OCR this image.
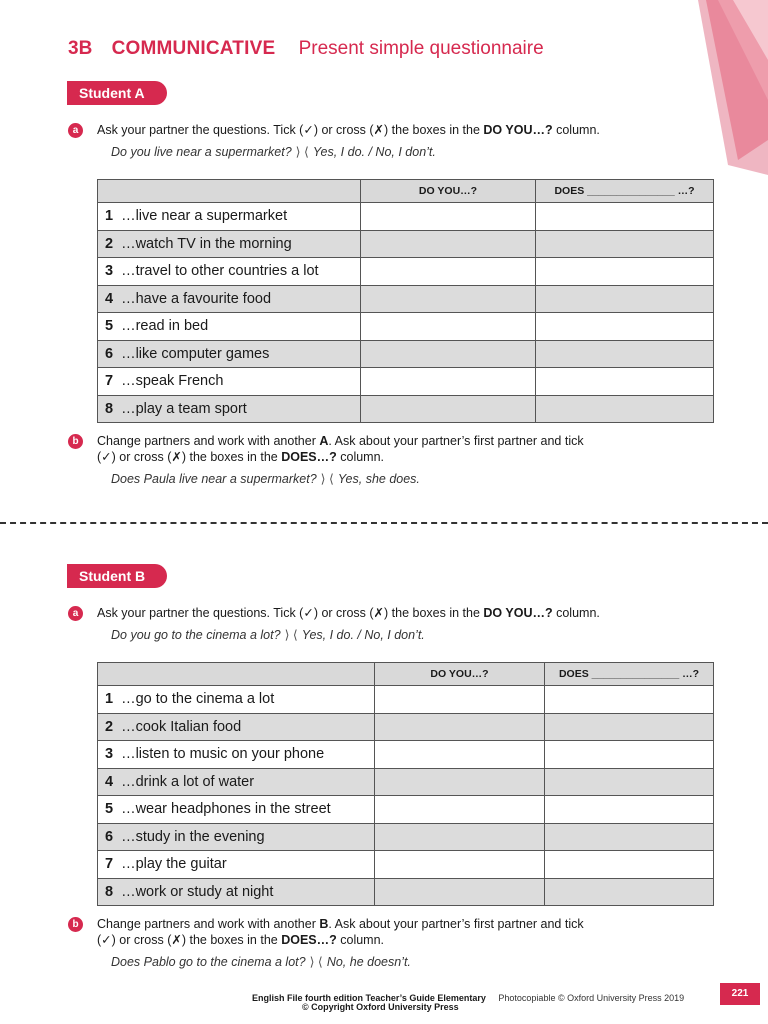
3B COMMUNICATIVE Present simple questionnaire
Student A
a	Ask your partner the questions. Tick (✓) or cross (✗) the boxes in the DO YOU…? column.
Do you live near a supermarket? ⟩ ⟨ Yes, I do. / No, I don’t.
	DO YOU…?	DOES _______________ …?
1 …live near a supermarket		
2 …watch TV in the morning		
3 …travel to other countries a lot		
4 …have a favourite food		
5 …read in bed		
6 …like computer games		
7 …speak French		
8 …play a team sport		
b	Change partners and work with another A. Ask about your partner’s first partner and tick (✓) or cross (✗) the boxes in the DOES…? column.
Does Paula live near a supermarket? ⟩ ⟨ Yes, she does.
Student B
a	Ask your partner the questions. Tick (✓) or cross (✗) the boxes in the DO YOU…? column.
Do you go to the cinema a lot? ⟩ ⟨ Yes, I do. / No, I don’t.
	DO YOU…?	DOES _______________ …?
1 …go to the cinema a lot		
2 …cook Italian food		
3 …listen to music on your phone		
4 …drink a lot of water		
5 …wear headphones in the street		
6 …study in the evening		
7 …play the guitar		
8 …work or study at night		
b	Change partners and work with another B. Ask about your partner’s first partner and tick (✓) or cross (✗) the boxes in the DOES…? column.
Does Pablo go to the cinema a lot? ⟩ ⟨ No, he doesn’t.
English File fourth edition Teacher’s Guide Elementary Photocopiable © Oxford University Press 2019
© Copyright Oxford University Press
221
